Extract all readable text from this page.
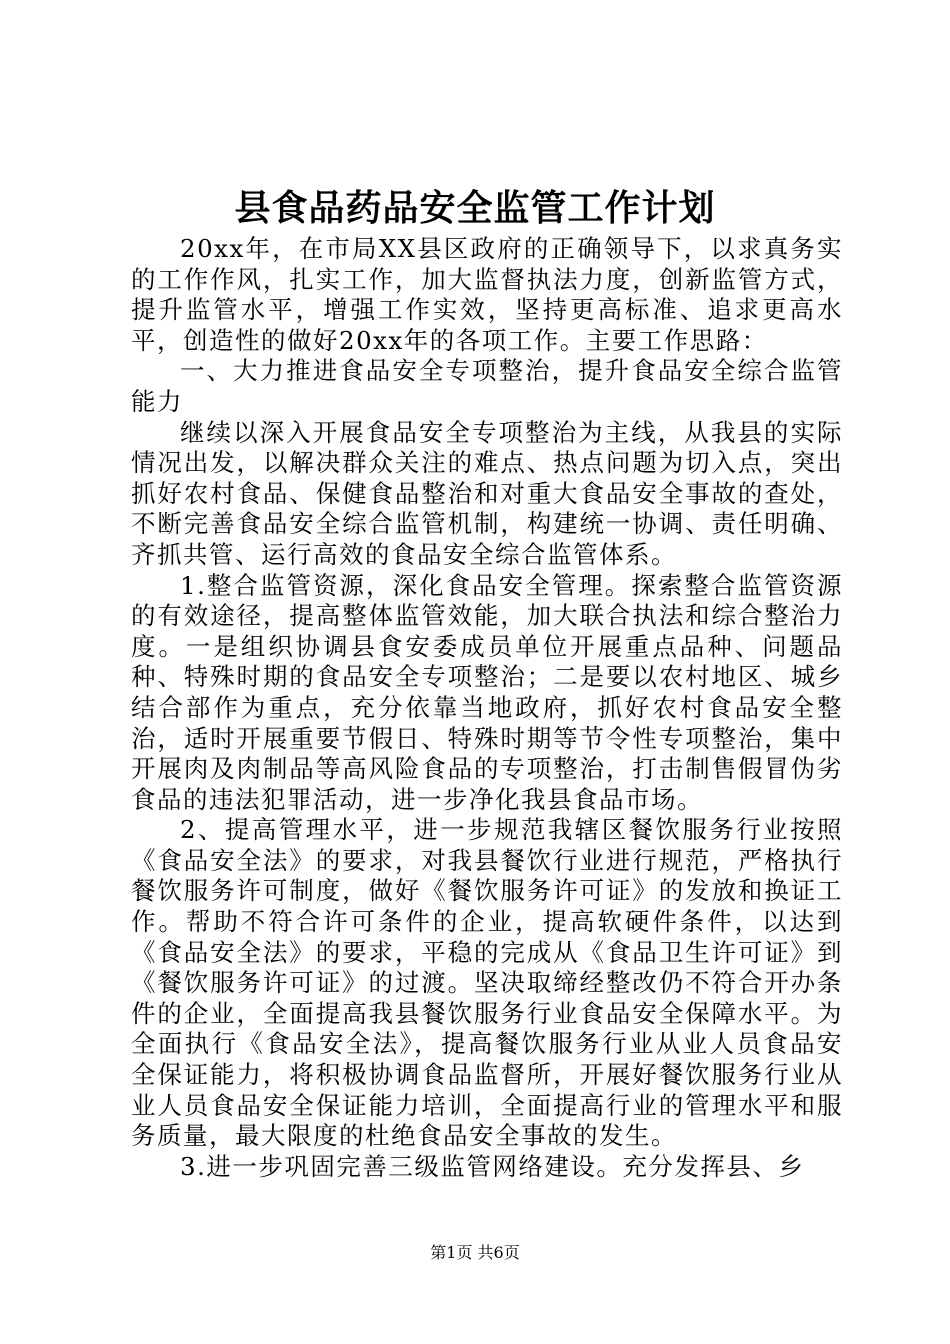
县食品药品安全监管工作计划

20xx年，在市局XX县区政府的正确领导下，以求真务实的工作作风，扎实工作，加大监督执法力度，创新监管方式，提升监管水平，增强工作实效，坚持更高标准、追求更高水平，创造性的做好20xx年的各项工作。主要工作思路：

一、大力推进食品安全专项整治，提升食品安全综合监管能力

继续以深入开展食品安全专项整治为主线，从我县的实际情况出发，以解决群众关注的难点、热点问题为切入点，突出抓好农村食品、保健食品整治和对重大食品安全事故的查处，不断完善食品安全综合监管机制，构建统一协调、责任明确、齐抓共管、运行高效的食品安全综合监管体系。

1.整合监管资源，深化食品安全管理。探索整合监管资源的有效途径，提高整体监管效能，加大联合执法和综合整治力度。一是组织协调县食安委成员单位开展重点品种、问题品种、特殊时期的食品安全专项整治；二是要以农村地区、城乡结合部作为重点，充分依靠当地政府，抓好农村食品安全整治，适时开展重要节假日、特殊时期等节令性专项整治，集中开展肉及肉制品等高风险食品的专项整治，打击制售假冒伪劣食品的违法犯罪活动，进一步净化我县食品市场。

2、提高管理水平，进一步规范我辖区餐饮服务行业按照《食品安全法》的要求，对我县餐饮行业进行规范，严格执行餐饮服务许可制度，做好《餐饮服务许可证》的发放和换证工作。帮助不符合许可条件的企业，提高软硬件条件，以达到《食品安全法》的要求，平稳的完成从《食品卫生许可证》到《餐饮服务许可证》的过渡。坚决取缔经整改仍不符合开办条件的企业，全面提高我县餐饮服务行业食品安全保障水平。为全面执行《食品安全法》，提高餐饮服务行业从业人员食品安全保证能力，将积极协调食品监督所，开展好餐饮服务行业从业人员食品安全保证能力培训，全面提高行业的管理水平和服务质量，最大限度的杜绝食品安全事故的发生。

3.进一步巩固完善三级监管网络建设。充分发挥县、乡

第1页 共6页
